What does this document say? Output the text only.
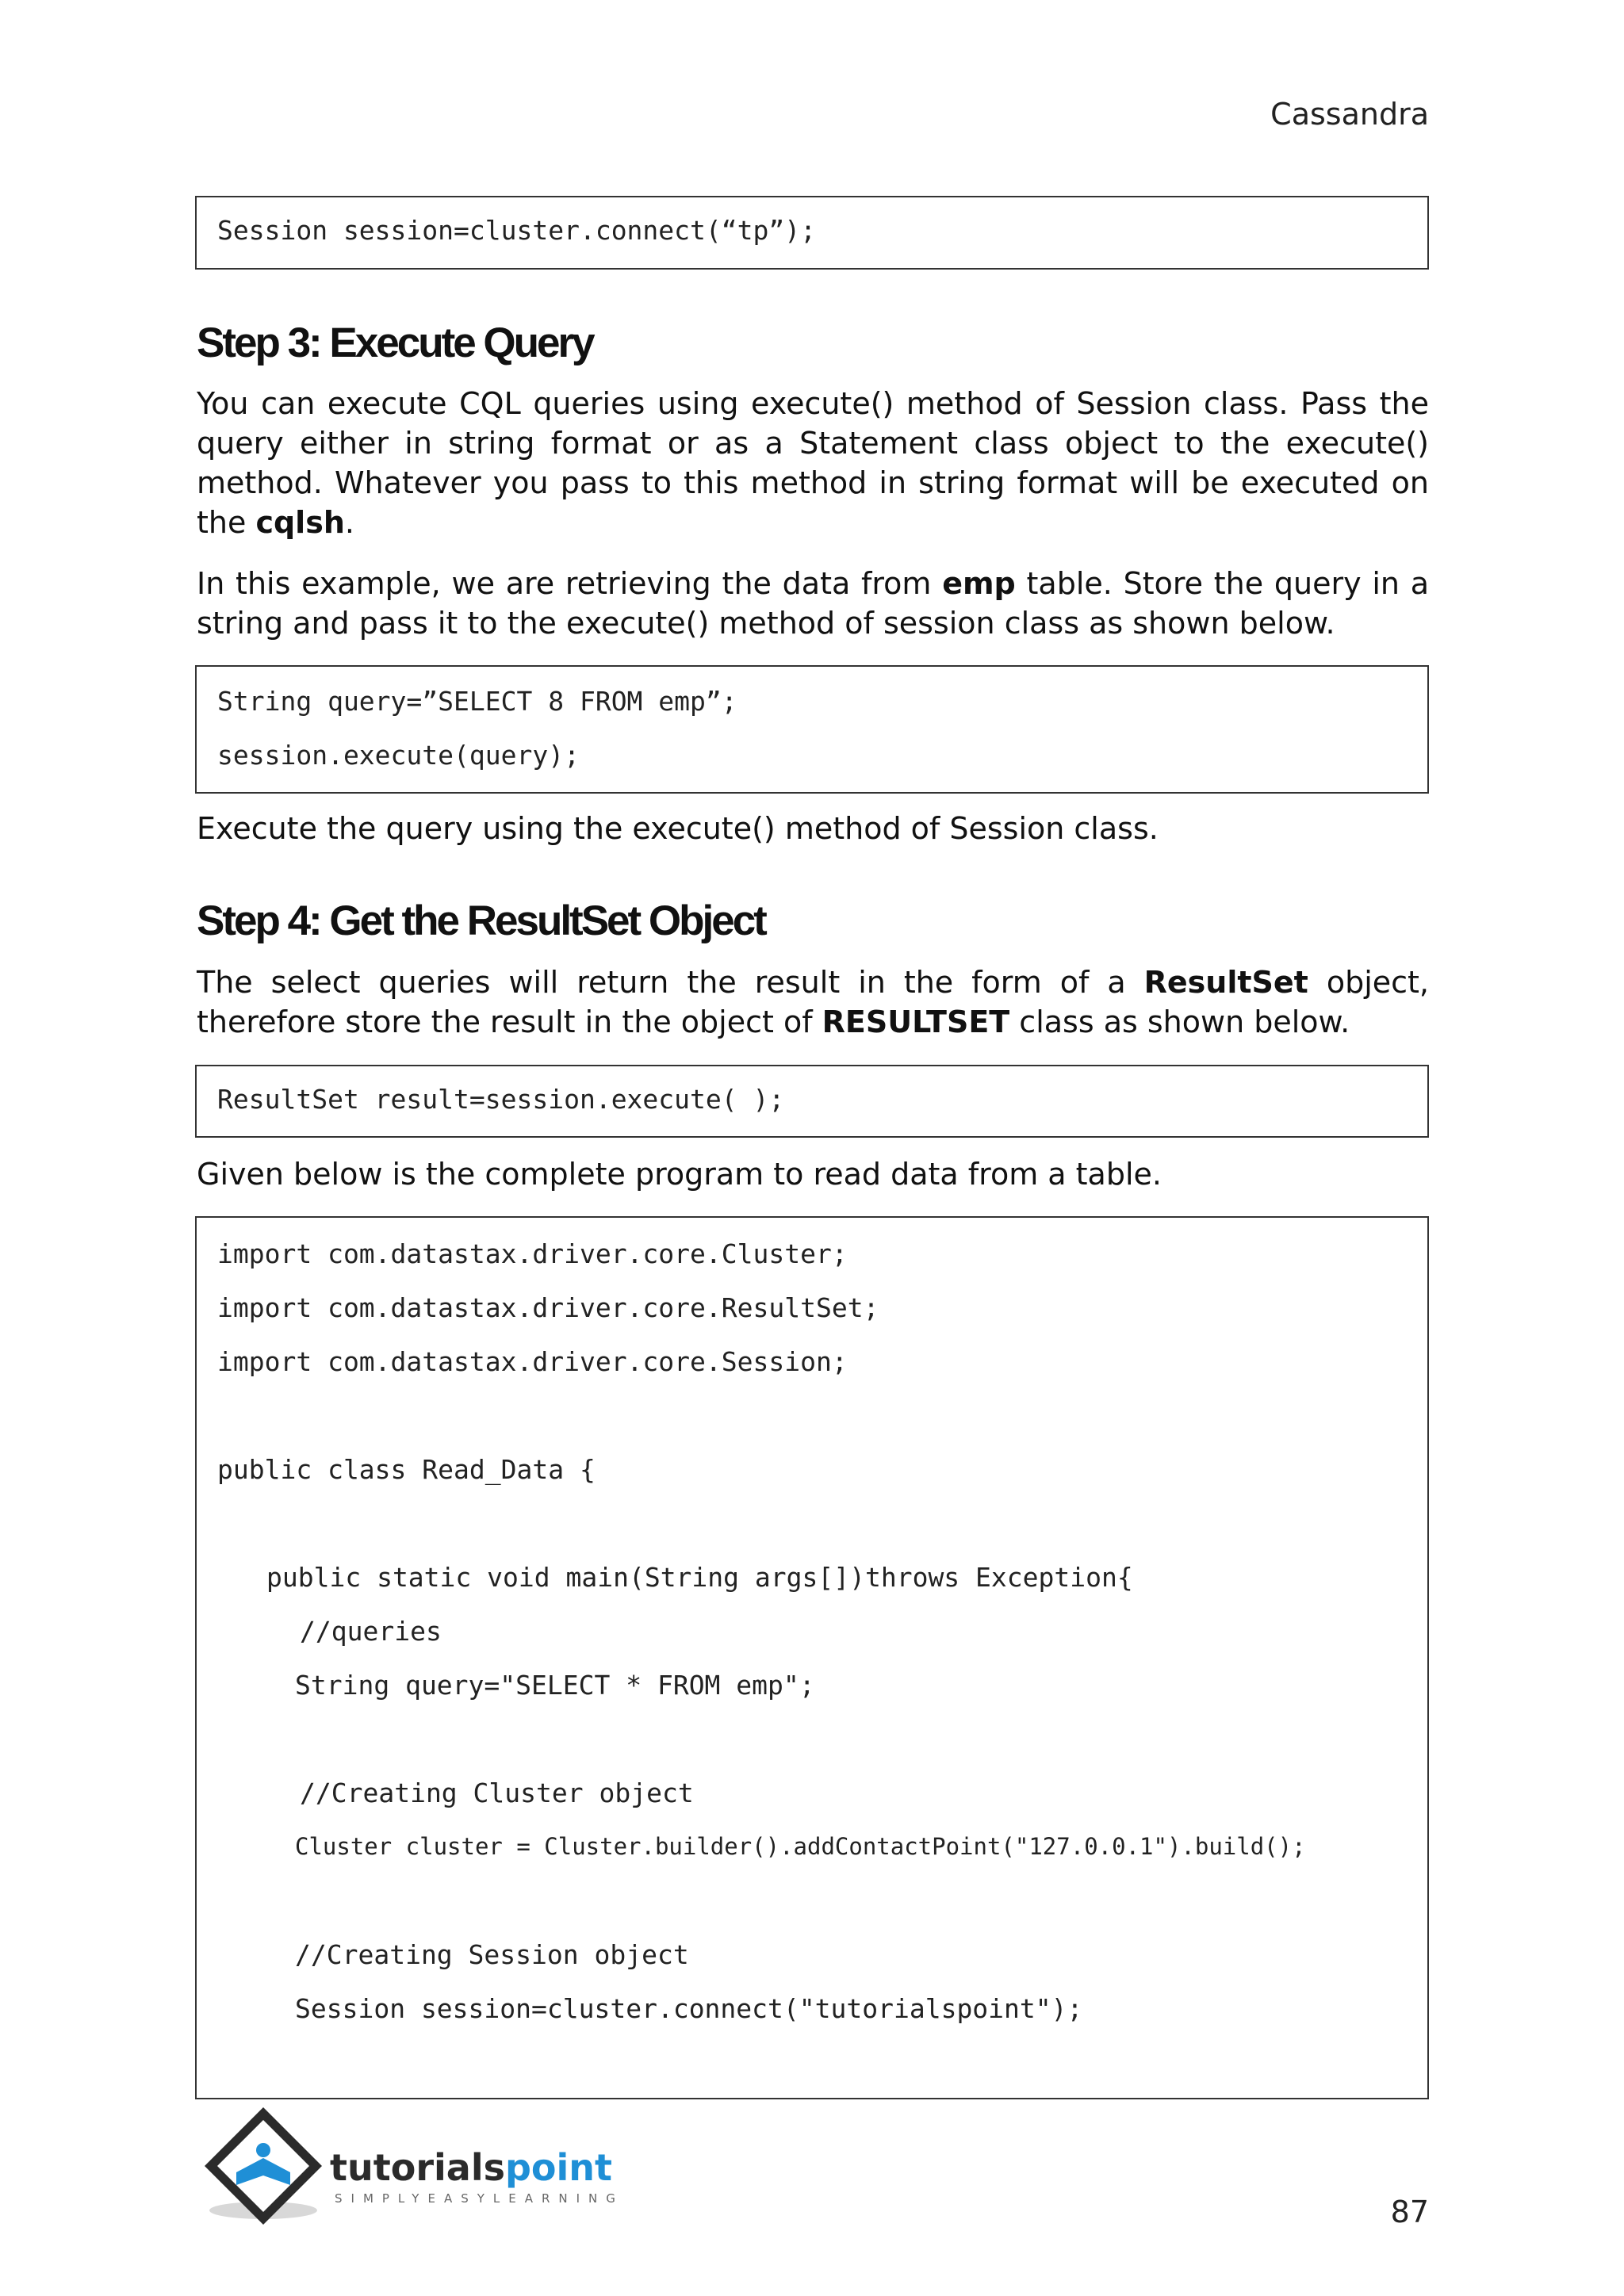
Cassandra
Session session=cluster.connect(“tp”);
Step 3: Execute Query
You can execute CQL queries using execute() method of Session class. Pass the query either in string format or as a Statement class object to the execute() method. Whatever you pass to this method in string format will be executed on the cqlsh.
In this example, we are retrieving the data from emp table. Store the query in a string and pass it to the execute() method of session class as shown below.
String query=”SELECT 8 FROM emp”;
session.execute(query);
Execute the query using the execute() method of Session class.
Step 4: Get the ResultSet Object
The select queries will return the result in the form of a ResultSet object, therefore store the result in the object of RESULTSET class as shown below.
ResultSet result=session.execute( );
Given below is the complete program to read data from a table.
import com.datastax.driver.core.Cluster;
import com.datastax.driver.core.ResultSet;
import com.datastax.driver.core.Session;
public class Read_Data {
public static void main(String args[])throws Exception{
//queries
String query="SELECT * FROM emp";
//Creating Cluster object
Cluster cluster = Cluster.builder().addContactPoint("127.0.0.1").build();
//Creating Session object
Session session=cluster.connect("tutorialspoint");
tutorialspoint
SIMPLYEASYLEARNING	87
